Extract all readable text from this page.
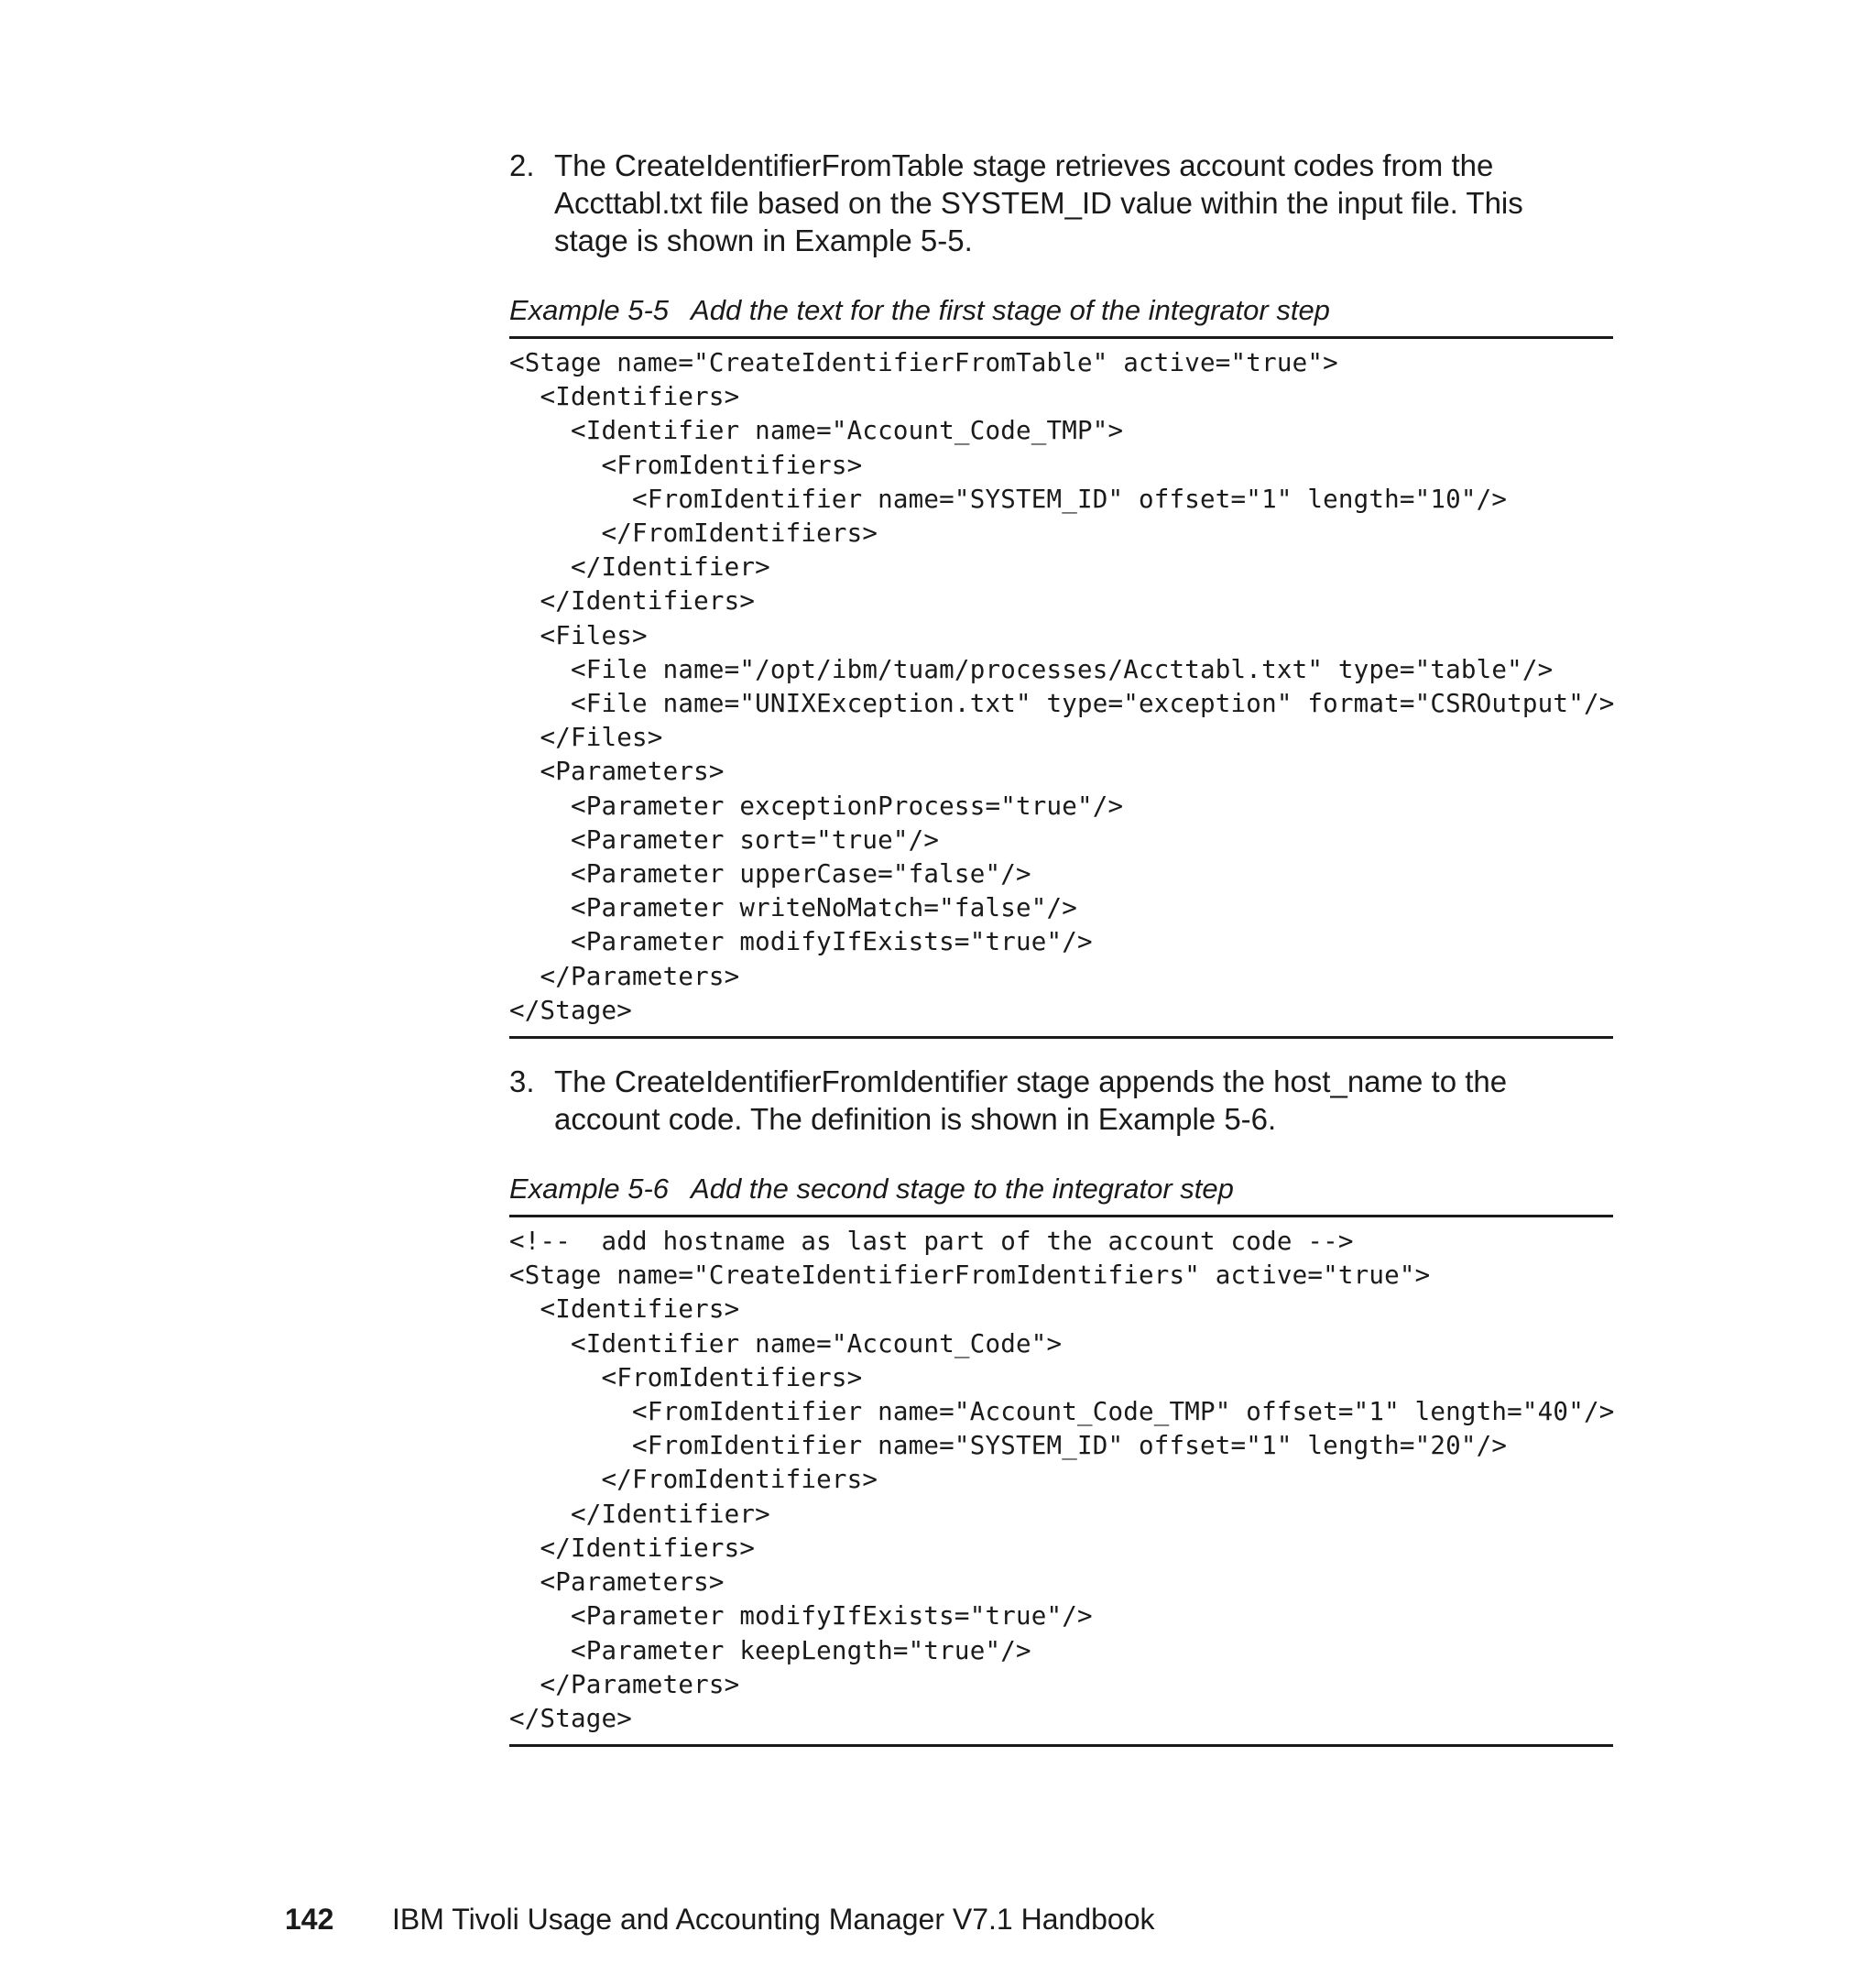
2. The CreateIdentifierFromTable stage retrieves account codes from the
Accttabl.txt file based on the SYSTEM_ID value within the input file. This
stage is shown in Example 5-5.
Example 5-5 Add the text for the first stage of the integrator step
<Stage name="CreateIdentifierFromTable" active="true">
<Identifiers>
<Identifier name="Account_Code_TMP">
<FromIdentifiers>
<FromIdentifier name="SYSTEM_ID" offset="1" length="10"/>
</FromIdentifiers>
</Identifier>
</Identifiers>
<Files>
<File name="/opt/ibm/tuam/processes/Accttabl.txt" type="table"/>
<File name="UNIXException.txt" type="exception" format="CSROutput"/>
</Files>
<Parameters>
<Parameter exceptionProcess="true"/>
<Parameter sort="true"/>
<Parameter upperCase="false"/>
<Parameter writeNoMatch="false"/>
<Parameter modifyIfExists="true"/>
</Parameters>
</Stage>
3. The CreateIdentifierFromIdentifier stage appends the host_name to the
account code. The definition is shown in Example 5-6.
Example 5-6 Add the second stage to the integrator step
<!--  add hostname as last part of the account code -->
<Stage name="CreateIdentifierFromIdentifiers" active="true">
<Identifiers>
<Identifier name="Account_Code">
<FromIdentifiers>
<FromIdentifier name="Account_Code_TMP" offset="1" length="40"/>
<FromIdentifier name="SYSTEM_ID" offset="1" length="20"/>
</FromIdentifiers>
</Identifier>
</Identifiers>
<Parameters>
<Parameter modifyIfExists="true"/>
<Parameter keepLength="true"/>
</Parameters>
</Stage>
142	IBM Tivoli Usage and Accounting Manager V7.1 Handbook
